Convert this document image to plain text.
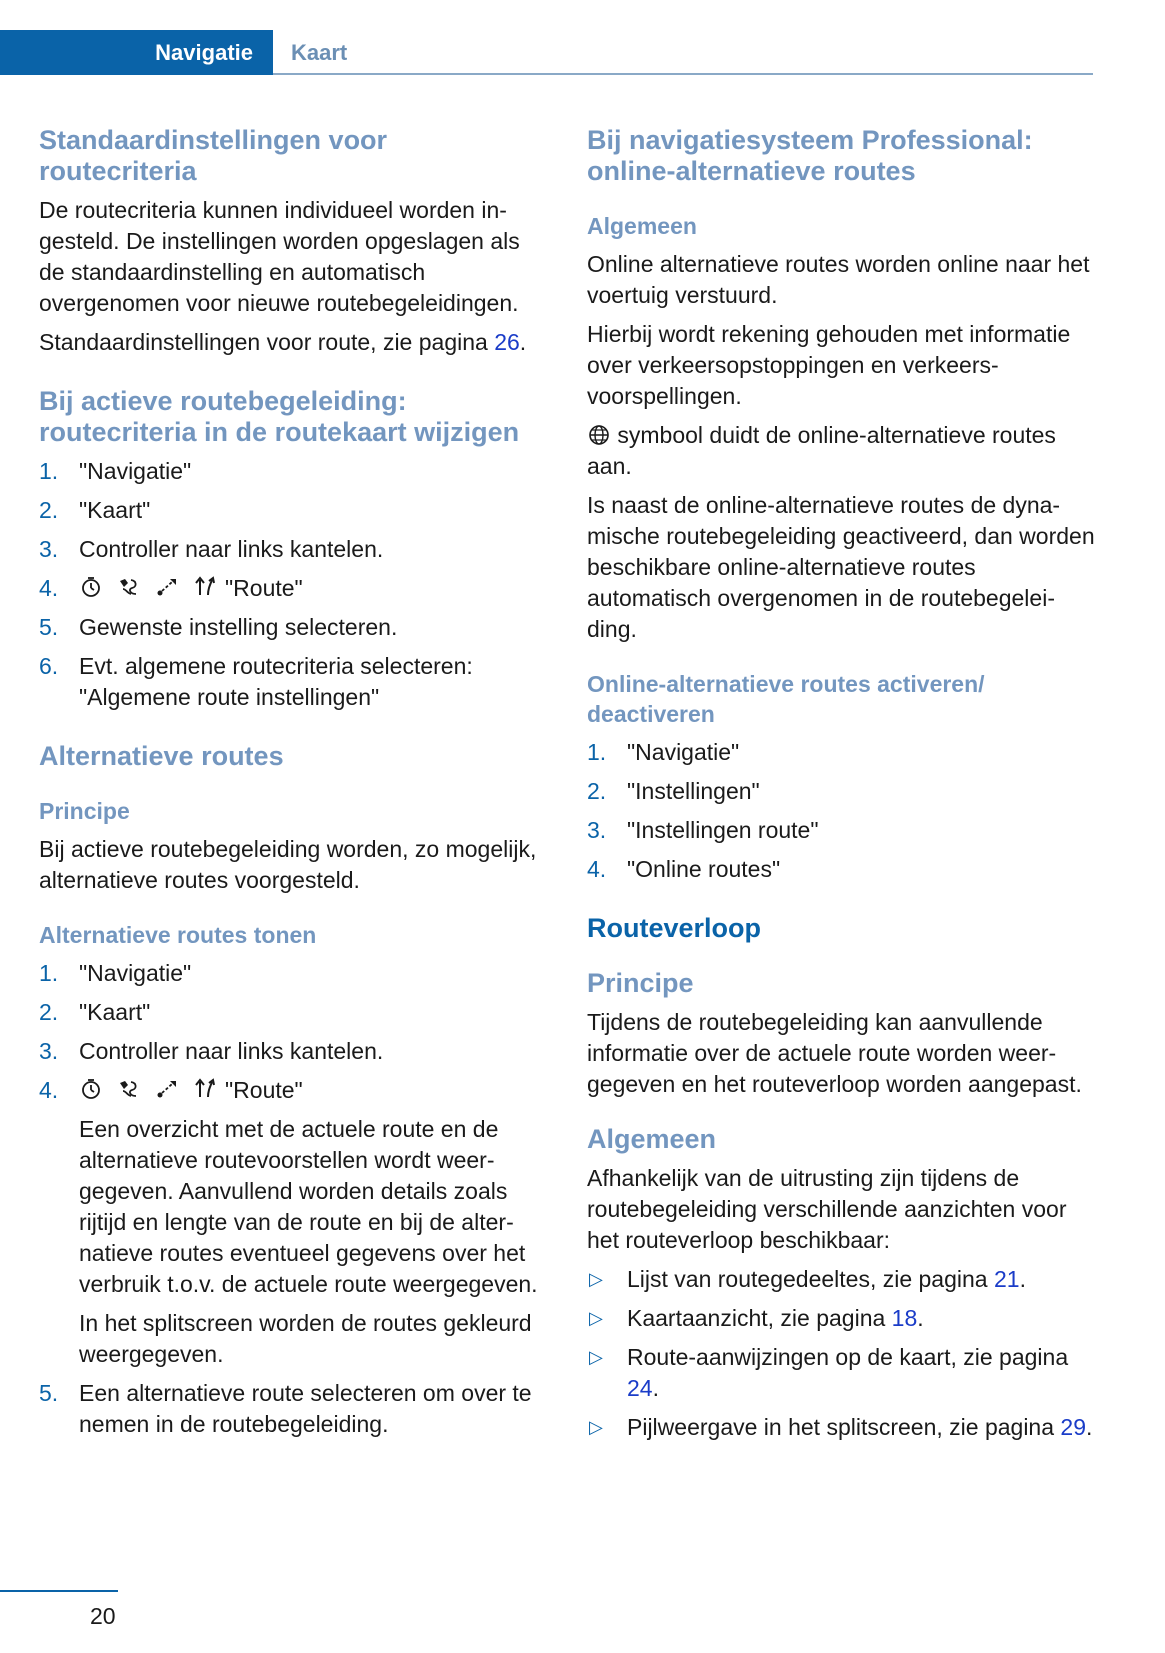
Navigatie	Kaart
Standaardinstellingen voor routecriteria

De routecriteria kunnen individueel worden ingesteld. De instellingen worden opgeslagen als de standaardinstelling en automatisch overgenomen voor nieuwe routebegeleidingen.

Standaardinstellingen voor route, zie pagina 26.

Bij actieve routebegeleiding: routecriteria in de routekaart wijzigen
1. "Navigatie"
2. "Kaart"
3. Controller naar links kantelen.
4.	"Route"
5. Gewenste instelling selecteren.
6. Evt. algemene routecriteria selecteren: "Algemene route instellingen"
Alternatieve routes
Principe

Bij actieve routebegeleiding worden, zo mogelijk, alternatieve routes voorgesteld.

Alternatieve routes tonen
1. "Navigatie"
2. "Kaart"
3. Controller naar links kantelen.
4.	"Route"

Een overzicht met de actuele route en de alternatieve routevoorstellen wordt weergegeven. Aanvullend worden details zoals rijtijd en lengte van de route en bij de alternatieve routes eventueel gegevens over het verbruik t.o.v. de actuele route weergegeven.

In het splitscreen worden de routes gekleurd weergegeven.

5. Een alternatieve route selecteren om over te nemen in de routebegeleiding.
Bij navigatiesysteem Professional: online-alternatieve routes
Algemeen

Online alternatieve routes worden online naar het voertuig verstuurd.

Hierbij wordt rekening gehouden met informatie over verkeersopstoppingen en verkeersvoorspellingen.

symbool duidt de online-alternatieve routes aan.

Is naast de online-alternatieve routes de dynamische routebegeleiding geactiveerd, dan worden beschikbare online-alternatieve routes automatisch overgenomen in de routebegeleiding.

Online-alternatieve routes activeren/ deactiveren
1. "Navigatie"
2. "Instellingen"
3. "Instellingen route"
4. "Online routes"
Routeverloop
Principe

Tijdens de routebegeleiding kan aanvullende informatie over de actuele route worden weergegeven en het routeverloop worden aangepast.

Algemeen

Afhankelijk van de uitrusting zijn tijdens de routebegeleiding verschillende aanzichten voor het routeverloop beschikbaar:

▷ Lijst van routegedeeltes, zie pagina 21.
▷ Kaartaanzicht, zie pagina 18.
▷ Route-aanwijzingen op de kaart, zie pagina 24.
▷ Pijlweergave in het splitscreen, zie pagina 29.
20
